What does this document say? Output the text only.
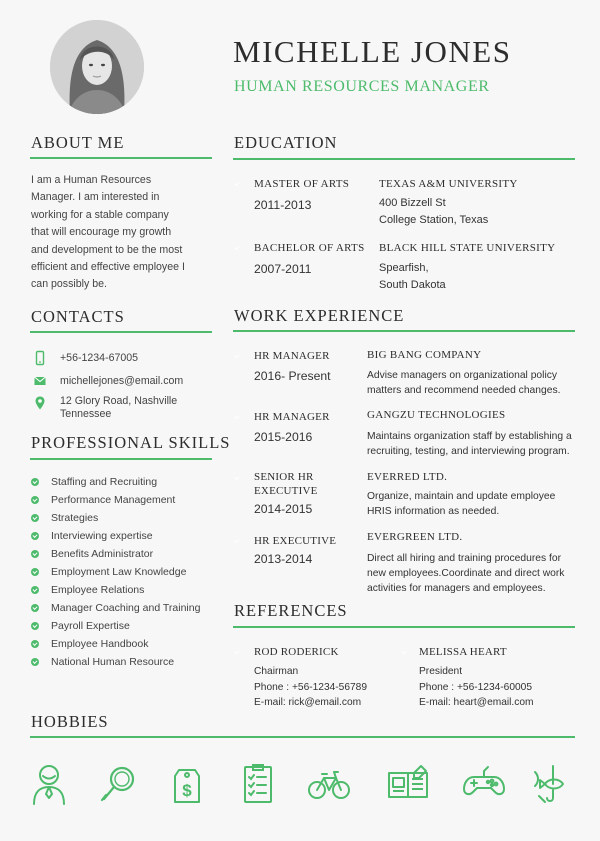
MICHELLE JONES
HUMAN RESOURCES MANAGER
ABOUT ME
I am a Human Resources
Manager. I am interested in
working for a stable company
that will encourage my growth
and development to be the most
efficient and effective employee I
can possibly be.
CONTACTS
+56-1234-67005
michellejones@email.com
12 Glory Road, Nashville
Tennessee
PROFESSIONAL SKILLS
Staffing and Recruiting
Performance Management
Strategies
Interviewing expertise
Benefits Administrator
Employment Law Knowledge
Employee Relations
Manager Coaching and Training
Payroll Expertise
Employee Handbook
National Human Resource
EDUCATION
MASTER OF ARTS
2011-2013
TEXAS A&M UNIVERSITY
400 Bizzell St
College Station, Texas
BACHELOR OF ARTS
2007-2011
BLACK HILL STATE UNIVERSITY
Spearfish,
South Dakota
WORK EXPERIENCE
HR MANAGER
2016- Present
BIG BANG COMPANY
Advise managers on organizational policy
matters and recommend needed changes.
HR MANAGER
2015-2016
GANGZU TECHNOLOGIES
Maintains organization staff by establishing a
recruiting, testing, and interviewing program.
SENIOR HR
EXECUTIVE
2014-2015
EVERRED LTD.
Organize, maintain and update employee
HRIS information as needed.
HR EXECUTIVE
2013-2014
EVERGREEN LTD.
Direct all hiring and training procedures for
new employees.Coordinate and direct work
activities for managers and employees.
REFERENCES
ROD RODERICK
Chairman
Phone : +56-1234-56789
E-mail: rick@email.com
MELISSA HEART
President
Phone : +56-1234-60005
E-mail: heart@email.com
HOBBIES
$
